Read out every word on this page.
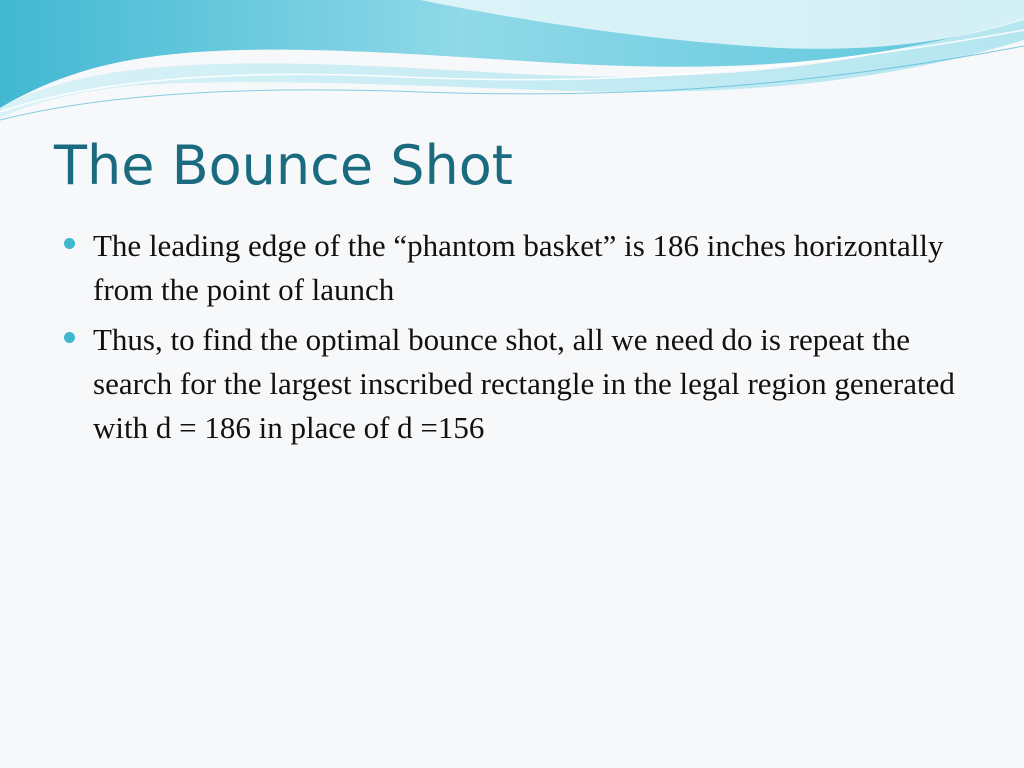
The Bounce Shot
The leading edge of the “phantom basket” is 186 inches horizontally from the point of launch
Thus, to find the optimal bounce shot, all we need do is repeat the search for the largest inscribed rectangle in the legal region generated with d = 186 in place of d =156
